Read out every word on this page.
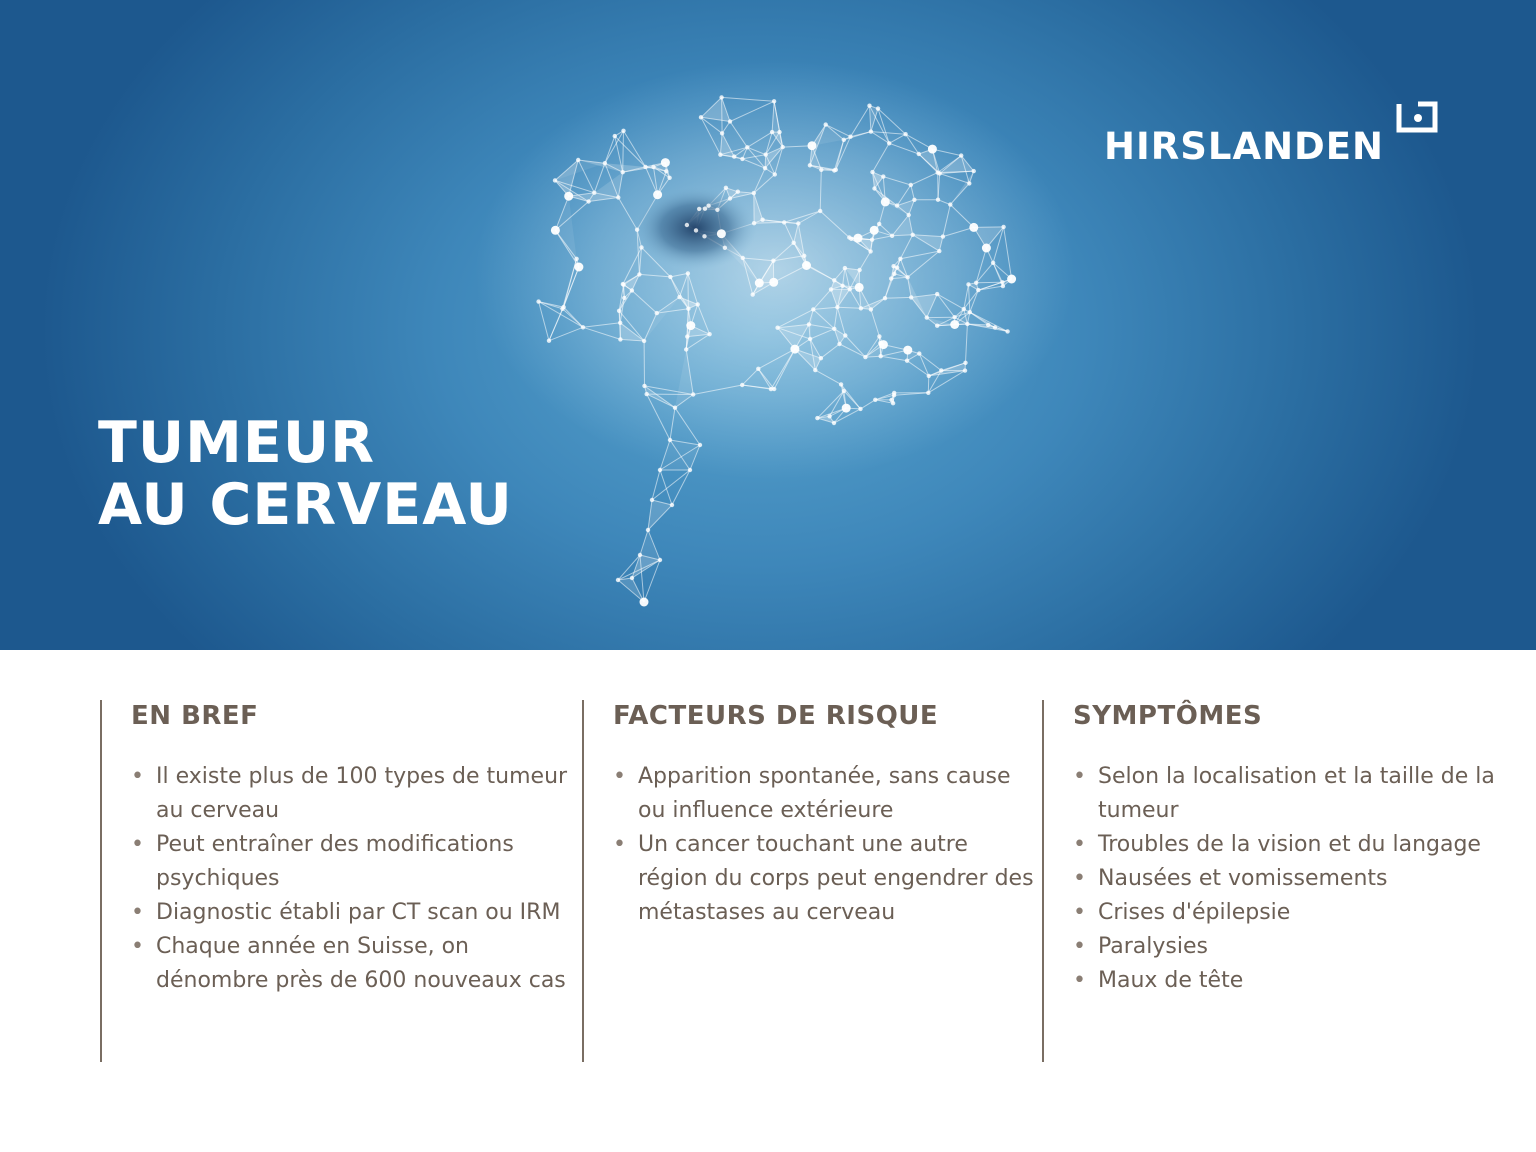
TUMEUR
AU CERVEAU
HIRSLANDEN
EN BREF
• Il existe plus de 100 types de tumeur au cerveau
• Peut entraîner des modifications psychiques
• Diagnostic établi par CT scan ou IRM
• Chaque année en Suisse, on dénombre près de 600 nouveaux cas
FACTEURS DE RISQUE
• Apparition spontanée, sans cause ou influence extérieure
• Un cancer touchant une autre région du corps peut engendrer des métastases au cerveau
SYMPTÔMES
• Selon la localisation et la taille de la tumeur
• Troubles de la vision et du langage
• Nausées et vomissements
• Crises d'épilepsie
• Paralysies
• Maux de tête
